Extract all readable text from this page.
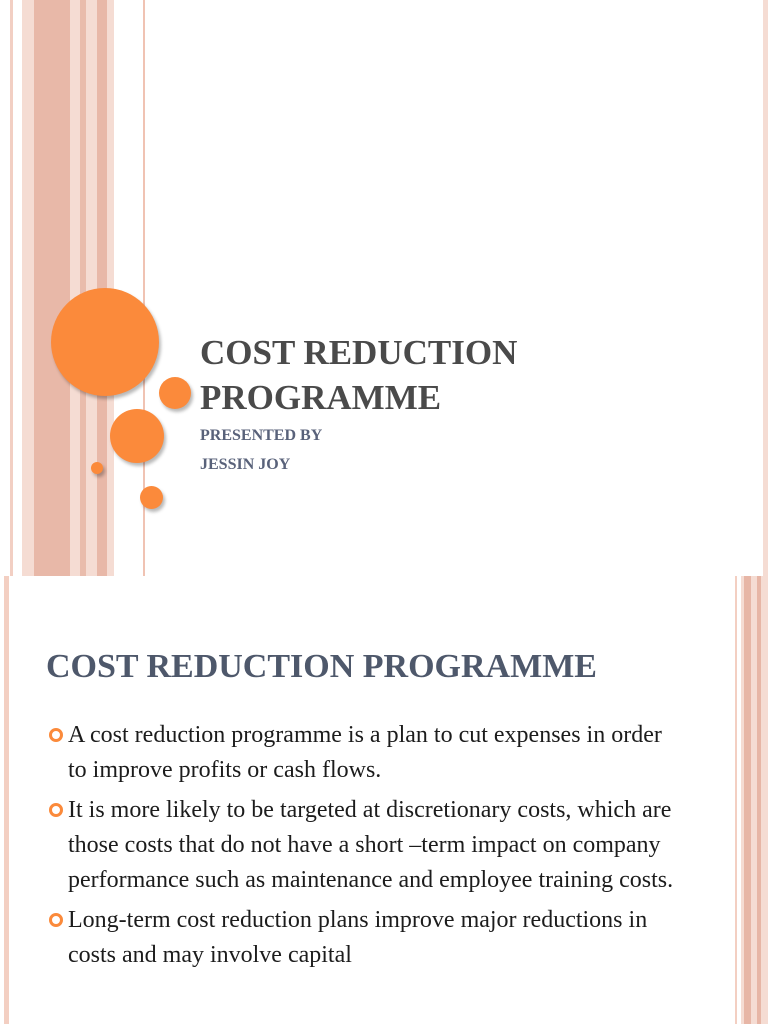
COST REDUCTION
PROGRAMME
PRESENTED BY
JESSIN JOY
COST REDUCTION PROGRAMME
A cost reduction programme is a plan to cut expenses in order to improve profits or cash flows.
It is more likely to be targeted at discretionary costs, which are those costs that do not have a short –term impact on company performance such as maintenance and employee training costs.
Long-term cost reduction plans improve major reductions in costs and may involve capital
